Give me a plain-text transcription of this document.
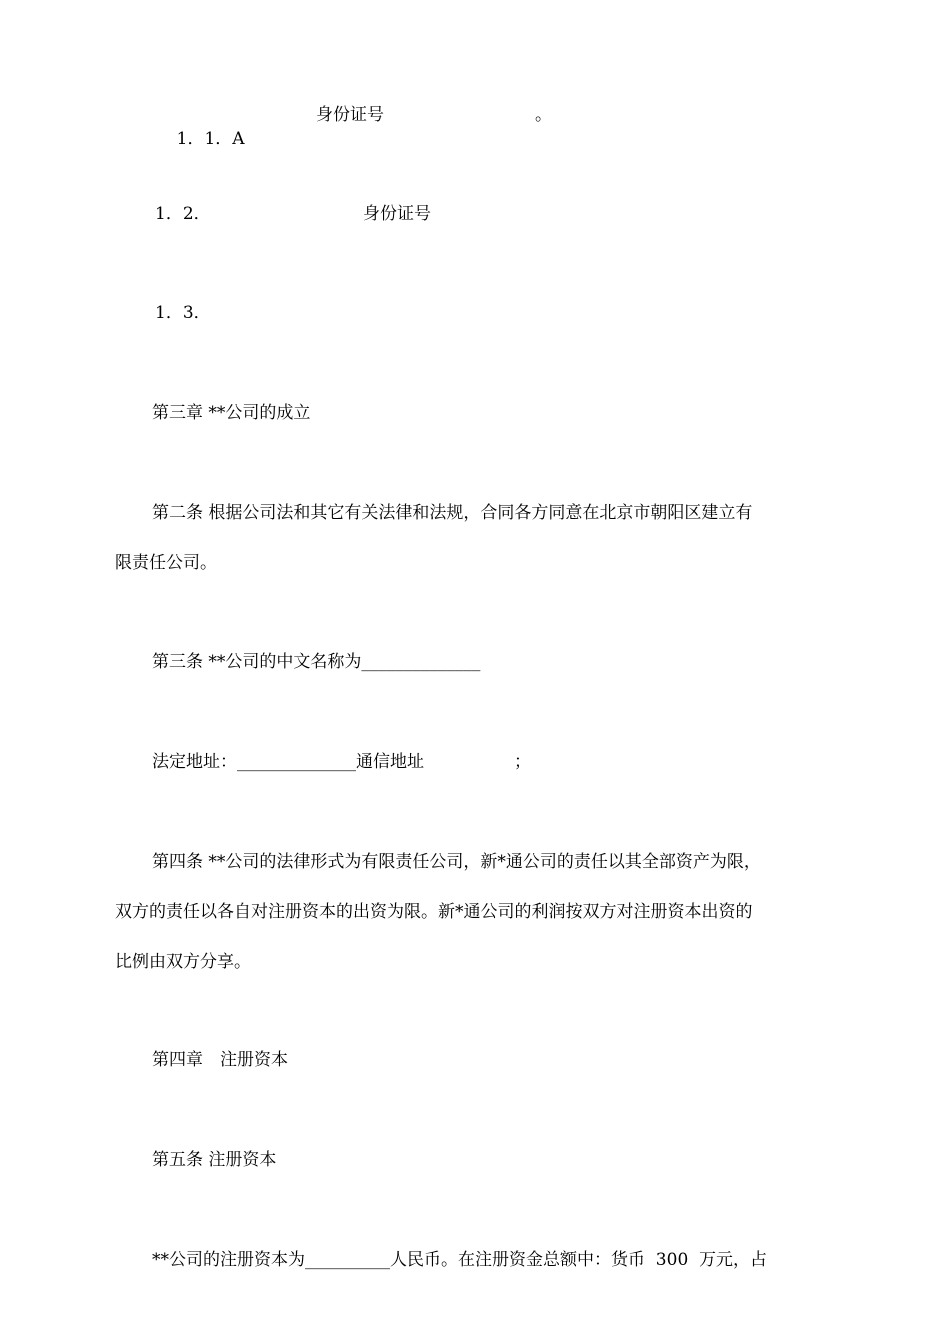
1．1．A

身份证号	。
1．2．	身份证号
1．3．
第三章 **公司的成立
第二条 根据公司法和其它有关法律和法规，合同各方同意在北京市朝阳区建立有
限责任公司。
第三条 **公司的中文名称为______________
法定地址：______________通信地址	；
第四条 **公司的法律形式为有限责任公司，新*通公司的责任以其全部资产为限，
双方的责任以各自对注册资本的出资为限。新*通公司的利润按双方对注册资本出资的
比例由双方分享。
第四章　注册资本
第五条 注册资本
**公司的注册资本为__________人民币。在注册资金总额中：货币  300  万元，占
